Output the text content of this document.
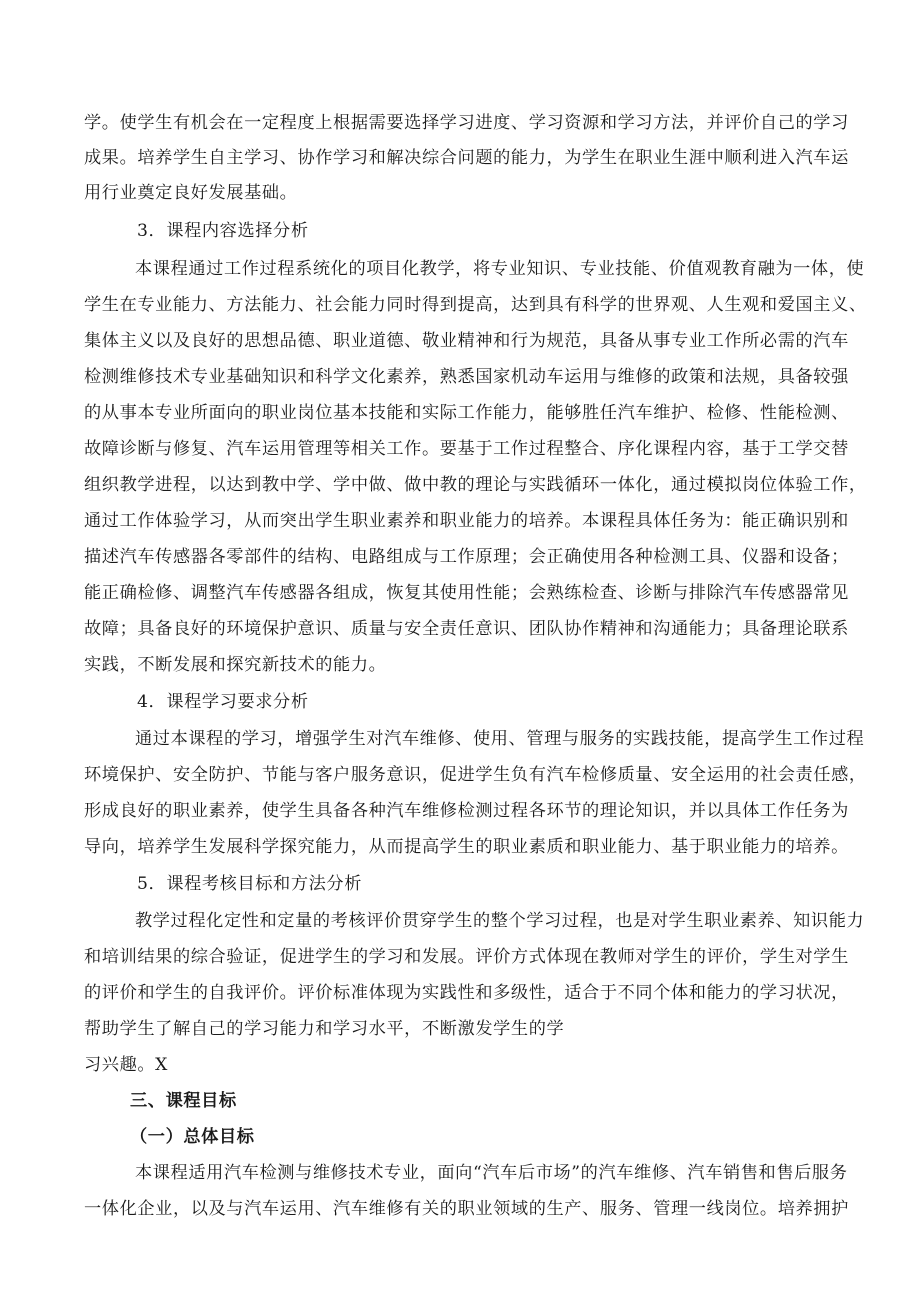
学。使学生有机会在一定程度上根据需要选择学习进度、学习资源和学习方法，并评价自己的学习
成果。培养学生自主学习、协作学习和解决综合问题的能力，为学生在职业生涯中顺利进入汽车运
用行业奠定良好发展基础。
3．课程内容选择分析
本课程通过工作过程系统化的项目化教学，将专业知识、专业技能、价值观教育融为一体，使
学生在专业能力、方法能力、社会能力同时得到提高，达到具有科学的世界观、人生观和爱国主义、
集体主义以及良好的思想品德、职业道德、敬业精神和行为规范，具备从事专业工作所必需的汽车
检测维修技术专业基础知识和科学文化素养，熟悉国家机动车运用与维修的政策和法规，具备较强
的从事本专业所面向的职业岗位基本技能和实际工作能力，能够胜任汽车维护、检修、性能检测、
故障诊断与修复、汽车运用管理等相关工作。要基于工作过程整合、序化课程内容，基于工学交替
组织教学进程，以达到教中学、学中做、做中教的理论与实践循环一体化，通过模拟岗位体验工作，
通过工作体验学习，从而突出学生职业素养和职业能力的培养。本课程具体任务为：能正确识别和
描述汽车传感器各零部件的结构、电路组成与工作原理；会正确使用各种检测工具、仪器和设备；
能正确检修、调整汽车传感器各组成，恢复其使用性能；会熟练检查、诊断与排除汽车传感器常见
故障；具备良好的环境保护意识、质量与安全责任意识、团队协作精神和沟通能力；具备理论联系
实践，不断发展和探究新技术的能力。
4．课程学习要求分析
通过本课程的学习，增强学生对汽车维修、使用、管理与服务的实践技能，提高学生工作过程
环境保护、安全防护、节能与客户服务意识，促进学生负有汽车检修质量、安全运用的社会责任感，
形成良好的职业素养，使学生具备各种汽车维修检测过程各环节的理论知识，并以具体工作任务为
导向，培养学生发展科学探究能力，从而提高学生的职业素质和职业能力、基于职业能力的培养。
5．课程考核目标和方法分析
教学过程化定性和定量的考核评价贯穿学生的整个学习过程，也是对学生职业素养、知识能力
和培训结果的综合验证，促进学生的学习和发展。评价方式体现在教师对学生的评价，学生对学生
的评价和学生的自我评价。评价标准体现为实践性和多级性，适合于不同个体和能力的学习状况，
帮助学生了解自己的学习能力和学习水平，不断激发学生的学
习兴趣。X
三、课程目标
（一）总体目标
本课程适用汽车检测与维修技术专业，面向“汽车后市场”的汽车维修、汽车销售和售后服务
一体化企业，以及与汽车运用、汽车维修有关的职业领域的生产、服务、管理一线岗位。培养拥护
